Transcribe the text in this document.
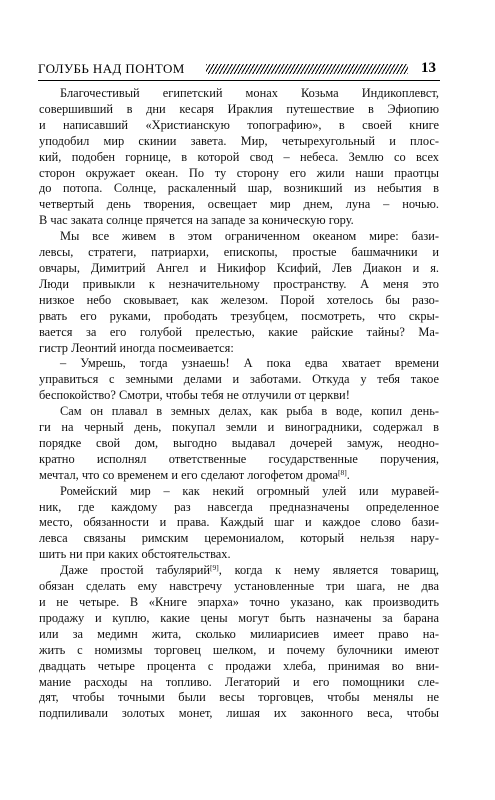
ГОЛУБЬ НАД ПОНТОМ	13
Благочестивый египетский монах Козьма Индикоплевст,
совершивший в дни кесаря Ираклия путешествие в Эфиопию
и написавший «Христианскую топографию», в своей книге
уподобил мир скинии завета. Мир, четырехугольный и плос-
кий, подобен горнице, в которой свод – небеса. Землю со всех
сторон окружает океан. По ту сторону его жили наши праотцы
до потопа. Солнце, раскаленный шар, возникший из небытия в
четвертый день творения, освещает мир днем, луна – ночью.
В час заката солнце прячется на западе за коническую гору.
Мы все живем в этом ограниченном океаном мире: бази-
левсы, стратеги, патриархи, епископы, простые башмачники и
овчары, Димитрий Ангел и Никифор Ксифий, Лев Диакон и я.
Люди привыкли к незначительному пространству. А меня это
низкое небо сковывает, как железом. Порой хотелось бы разо-
рвать его руками, прободать трезубцем, посмотреть, что скры-
вается за его голубой прелестью, какие райские тайны? Ма-
гистр Леонтий иногда посмеивается:
– Умрешь, тогда узнаешь! А пока едва хватает времени
управиться с земными делами и заботами. Откуда у тебя такое
беспокойство? Смотри, чтобы тебя не отлучили от церкви!
Сам он плавал в земных делах, как рыба в воде, копил день-
ги на черный день, покупал земли и виноградники, содержал в
порядке свой дом, выгодно выдавал дочерей замуж, неодно-
кратно исполнял ответственные государственные поручения,
мечтал, что со временем и его сделают логофетом дрома[8].
Ромейский мир – как некий огромный улей или муравей-
ник, где каждому раз навсегда предназначены определенное
место, обязанности и права. Каждый шаг и каждое слово бази-
левса связаны римским церемониалом, который нельзя нару-
шить ни при каких обстоятельствах.
Даже простой табулярий[9], когда к нему является товарищ,
обязан сделать ему навстречу установленные три шага, не два
и не четыре. В «Книге эпарха» точно указано, как производить
продажу и куплю, какие цены могут быть назначены за барана
или за медимн жита, сколько милиарисиев имеет право на-
жить с номизмы торговец шелком, и почему булочники имеют
двадцать четыре процента с продажи хлеба, принимая во вни-
мание расходы на топливо. Легаторий и его помощники сле-
дят, чтобы точными были весы торговцев, чтобы менялы не
подпиливали золотых монет, лишая их законного веса, чтобы
